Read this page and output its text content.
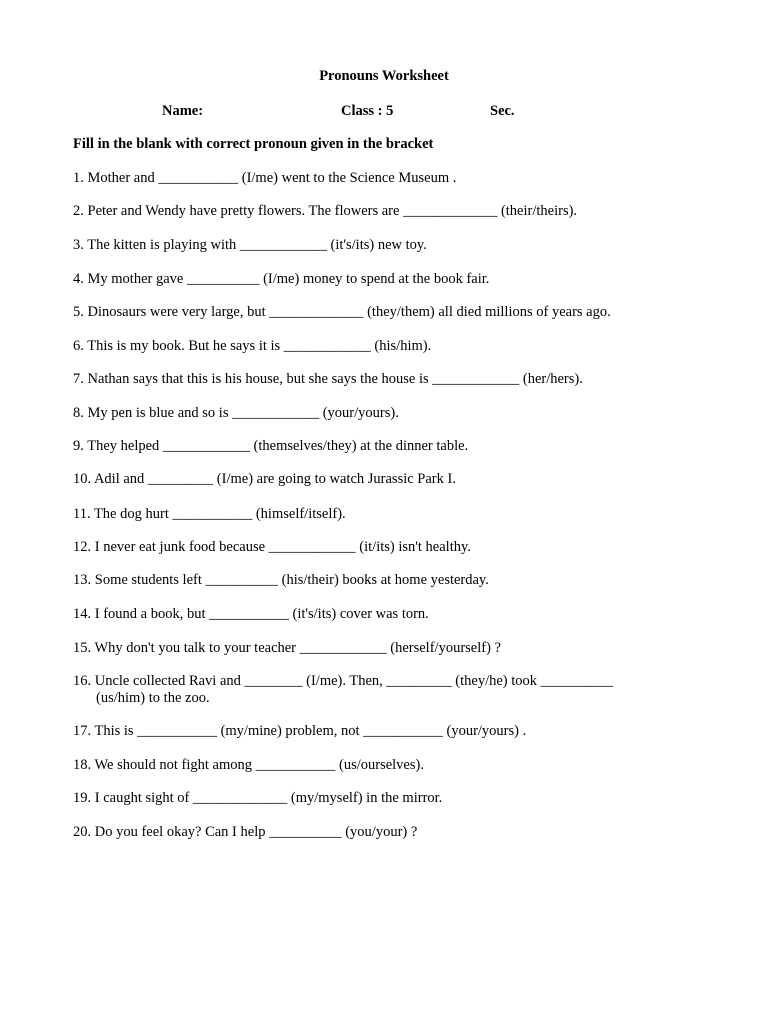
Pronouns Worksheet
Name:	Class : 5	Sec.
Fill in the blank with correct pronoun given in the bracket
1. Mother and ___________ (I/me) went to the Science Museum .
2. Peter and Wendy have pretty flowers. The flowers are _____________ (their/theirs).
3. The kitten is playing with ____________ (it's/its) new toy.
4. My mother gave __________ (I/me) money to spend at the book fair.
5. Dinosaurs were very large, but _____________ (they/them) all died millions of years ago.
6. This is my book. But he says it is ____________ (his/him).
7. Nathan says that this is his house, but she says the house is ____________ (her/hers).
8. My pen is blue and so is ____________ (your/yours).
9. They helped ____________ (themselves/they) at the dinner table.
10. Adil and _________ (I/me) are going to watch Jurassic Park I.
11. The dog hurt ___________ (himself/itself).
12. I never eat junk food because ____________ (it/its) isn't healthy.
13. Some students left __________ (his/their) books at home yesterday.
14. I found a book, but ___________ (it's/its) cover was torn.
15. Why don't you talk to your teacher ____________ (herself/yourself) ?
16. Uncle collected Ravi and ________ (I/me). Then, _________ (they/he) took __________
(us/him) to the zoo.
17. This is ___________ (my/mine) problem, not ___________ (your/yours) .
18. We should not fight among ___________ (us/ourselves).
19. I caught sight of _____________ (my/myself) in the mirror.
20. Do you feel okay? Can I help __________ (you/your) ?
